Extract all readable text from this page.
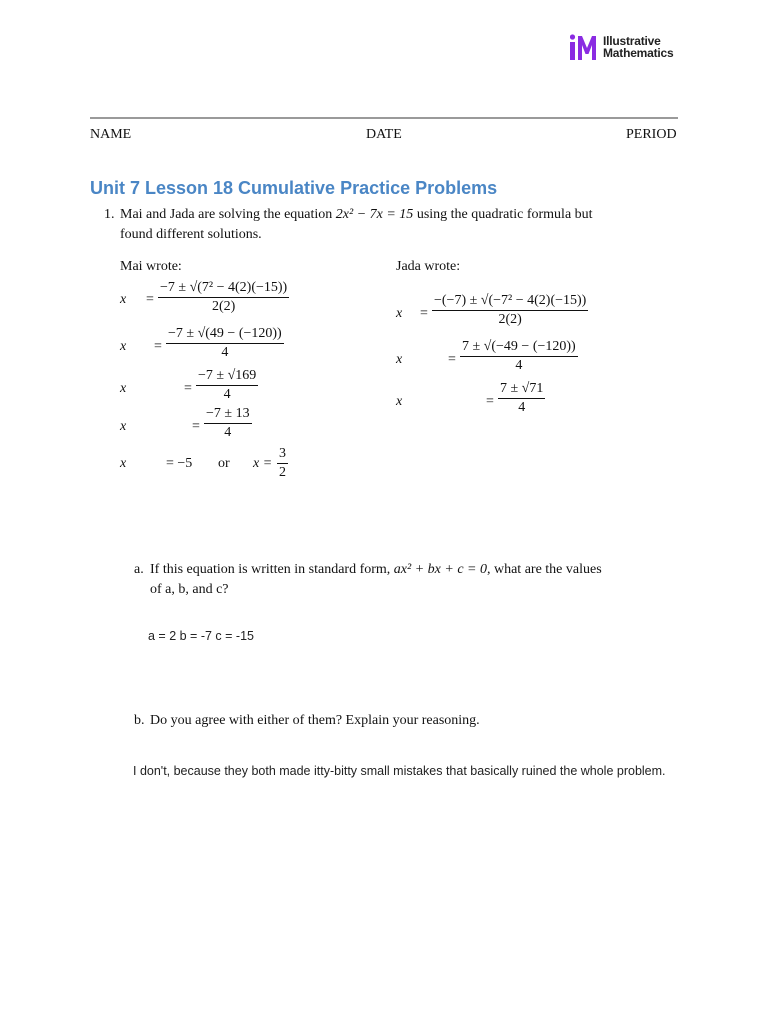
Illustrative
Mathematics
NAME	DATE	PERIOD
Unit 7 Lesson 18 Cumulative Practice Problems
1. Mai and Jada are solving the equation 2x² − 7x = 15 using the quadratic formula but
found different solutions.
Mai wrote:	Jada wrote:
$x = \frac{\text{−7 ± √(7² − 4(2)(−15))}}{2(2)}$
$x = \frac{-7 \pm √(49 - (-120))}{4}$
x	= $\frac{-7 \pm √169}{4}$
x	= $\frac{-7 \pm 13}{4}$
x	= −5 or $x = \frac{3}{2}$
$x = \frac{\text{−(−7) ± √(−7² − 4(2)(−15))}}{2(2)}$
x	= $\frac{7 \pm √(-49 - (-120))}{4}$
x	= $\frac{7 \pm √71}{4}$
a. If this equation is written in standard form, ax² + bx + c = 0, what are the values
of a, b, and c?
a = 2 b = -7 c = -15
b. Do you agree with either of them? Explain your reasoning.
I don't, because they both made itty-bitty small mistakes that basically ruined the whole problem.
